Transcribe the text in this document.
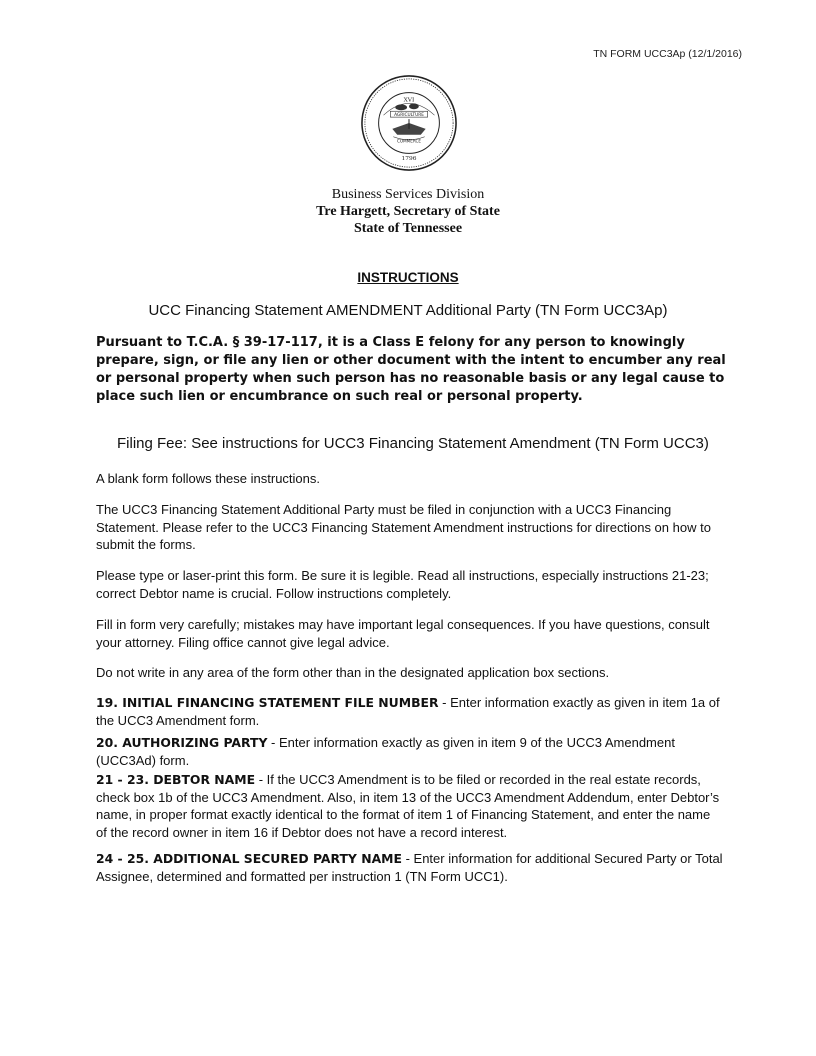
TN FORM UCC3Ap (12/1/2016)
XVI
AGRICULTURE
COMMERCE
1796
Business Services Division
Tre Hargett, Secretary of State
State of Tennessee
INSTRUCTIONS
UCC Financing Statement AMENDMENT Additional Party (TN Form UCC3Ap)
Pursuant to T.C.A. § 39-17-117, it is a Class E felony for any person to knowingly prepare, sign, or file any lien or other document with the intent to encumber any real or personal property when such person has no reasonable basis or any legal cause to place such lien or encumbrance on such real or personal property.
Filing Fee: See instructions for UCC3 Financing Statement Amendment (TN Form UCC3)

A blank form follows these instructions.

The UCC3 Financing Statement Additional Party must be filed in conjunction with a UCC3 Financing Statement. Please refer to the UCC3 Financing Statement Amendment instructions for directions on how to submit the forms.

Please type or laser-print this form. Be sure it is legible. Read all instructions, especially instructions 21-23; correct Debtor name is crucial. Follow instructions completely.

Fill in form very carefully; mistakes may have important legal consequences. If you have questions, consult your attorney. Filing office cannot give legal advice.

Do not write in any area of the form other than in the designated application box sections.

19. INITIAL FINANCING STATEMENT FILE NUMBER - Enter information exactly as given in item 1a of the UCC3 Amendment form.

20. AUTHORIZING PARTY - Enter information exactly as given in item 9 of the UCC3 Amendment (UCC3Ad) form.

21 - 23. DEBTOR NAME - If the UCC3 Amendment is to be filed or recorded in the real estate records, check box 1b of the UCC3 Amendment. Also, in item 13 of the UCC3 Amendment Addendum, enter Debtor’s name, in proper format exactly identical to the format of item 1 of Financing Statement, and enter the name of the record owner in item 16 if Debtor does not have a record interest.

24 - 25. ADDITIONAL SECURED PARTY NAME - Enter information for additional Secured Party or Total Assignee, determined and formatted per instruction 1 (TN Form UCC1).
